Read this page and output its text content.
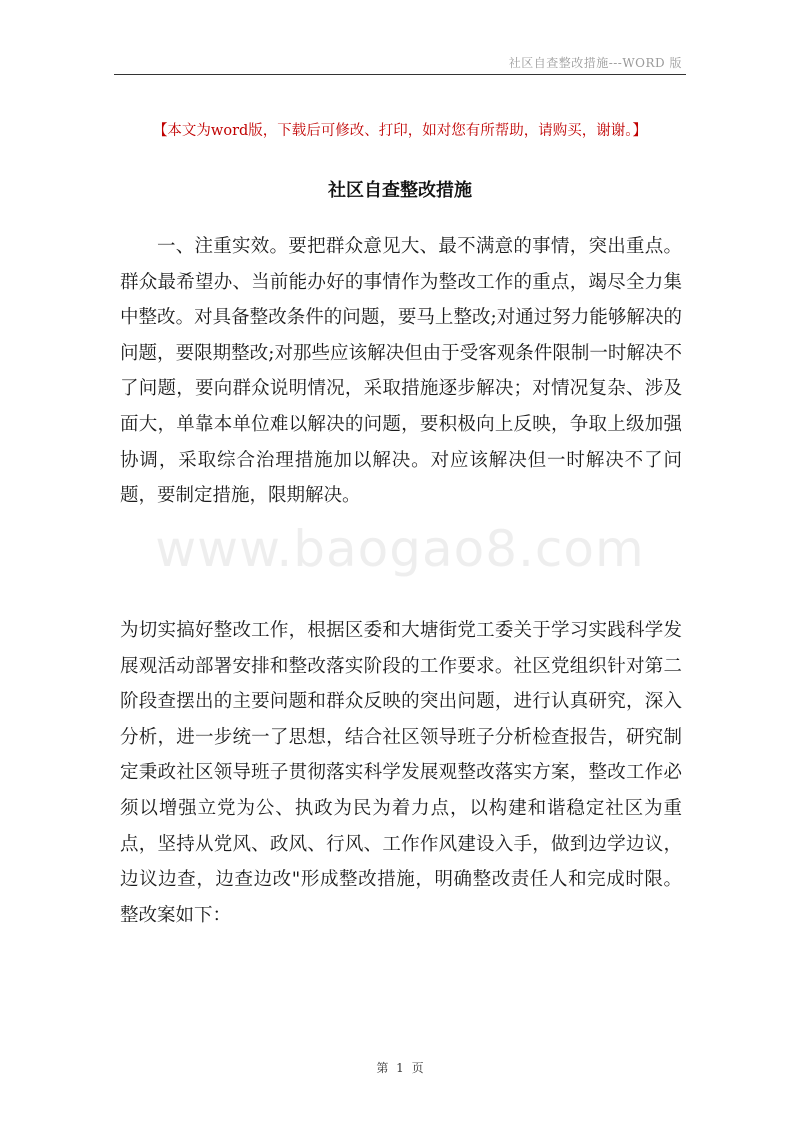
社区自查整改措施---WORD 版
【本文为word版，下载后可修改、打印，如对您有所帮助，请购买，谢谢。】
社区自查整改措施

一、注重实效。要把群众意见大、最不满意的事情，突出重点。群众最希望办、当前能办好的事情作为整改工作的重点，竭尽全力集中整改。对具备整改条件的问题，要马上整改;对通过努力能够解决的问题，要限期整改;对那些应该解决但由于受客观条件限制一时解决不了问题，要向群众说明情况，采取措施逐步解决；对情况复杂、涉及面大，单靠本单位难以解决的问题，要积极向上反映，争取上级加强协调，采取综合治理措施加以解决。对应该解决但一时解决不了问题，要制定措施，限期解决。

www.baogao8.com

为切实搞好整改工作，根据区委和大塘街党工委关于学习实践科学发展观活动部署安排和整改落实阶段的工作要求。社区党组织针对第二阶段查摆出的主要问题和群众反映的突出问题，进行认真研究，深入分析，进一步统一了思想，结合社区领导班子分析检查报告，研究制定秉政社区领导班子贯彻落实科学发展观整改落实方案，整改工作必须以增强立党为公、执政为民为着力点，以构建和谐稳定社区为重点，坚持从党风、政风、行风、工作作风建设入手，做到边学边议，边议边查，边查边改"形成整改措施，明确整改责任人和完成时限。整改案如下：

第 1 页
